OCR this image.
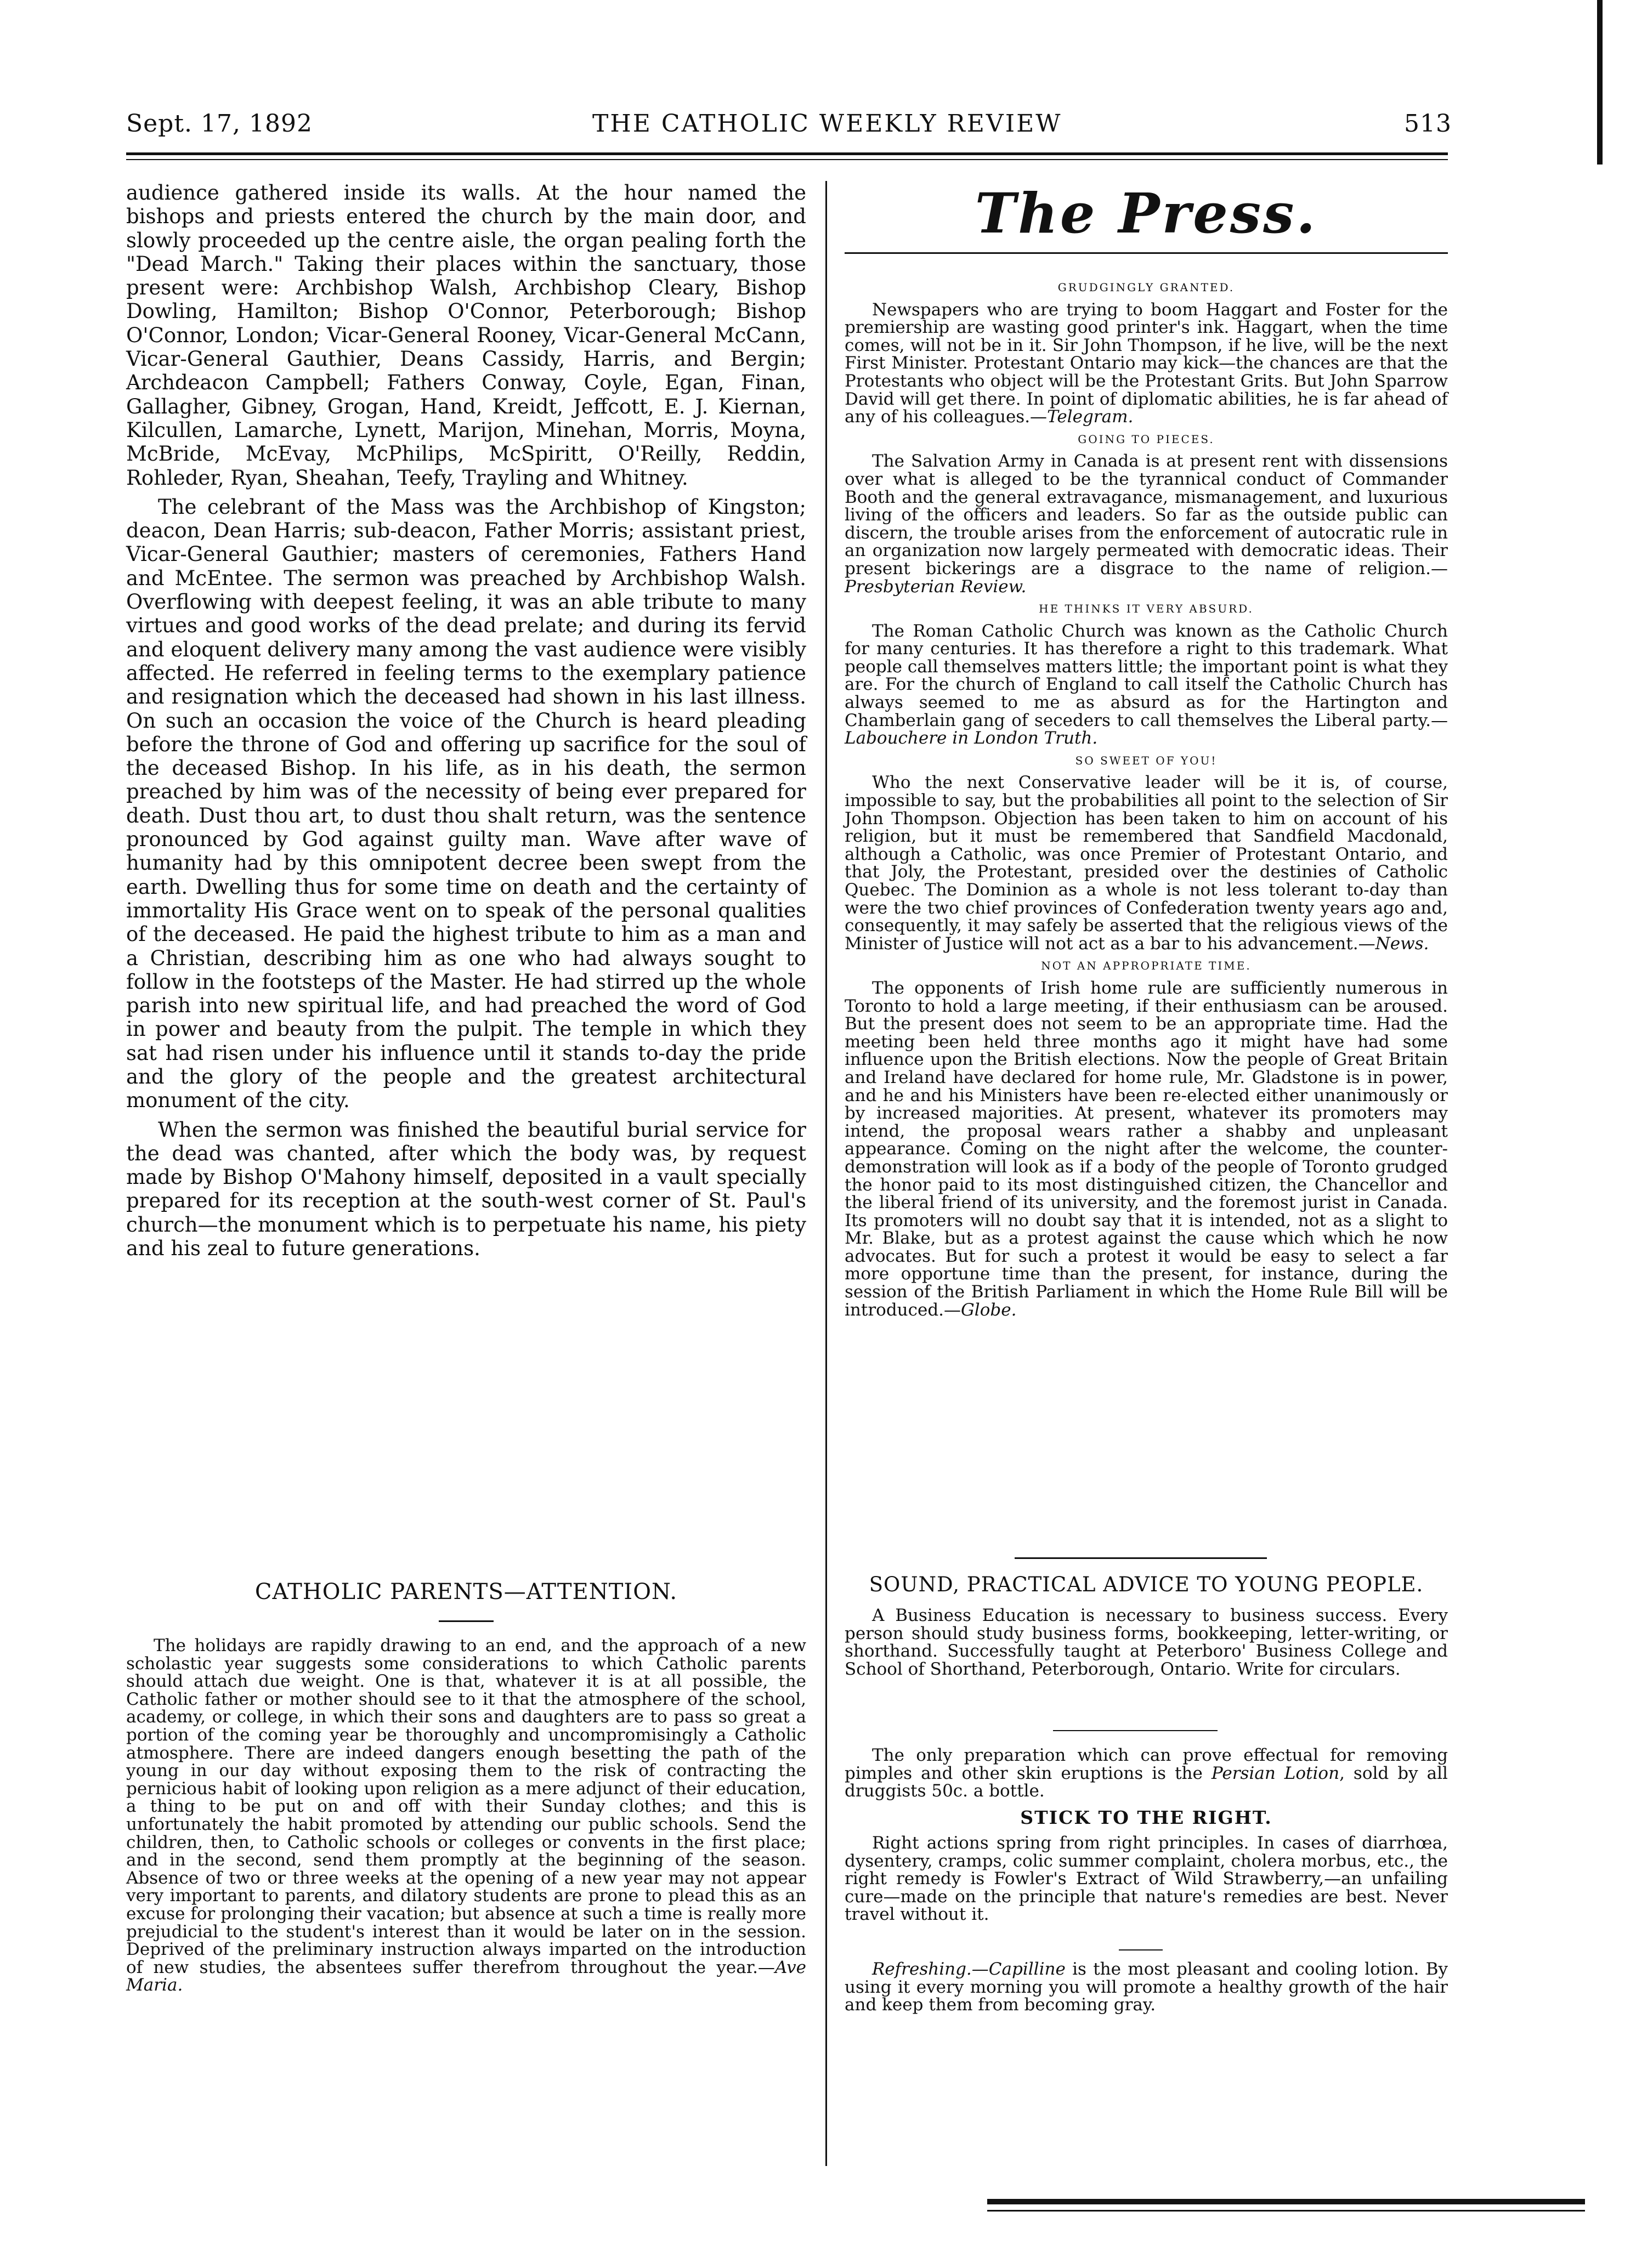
Sept. 17, 1892	THE CATHOLIC WEEKLY REVIEW	513

audience gathered inside its walls. At the hour named the bishops and priests entered the church by the main door, and slowly proceeded up the centre aisle, the organ pealing forth the "Dead March." Taking their places within the sanctuary, those present were: Archbishop Walsh, Archbishop Cleary, Bishop Dowling, Hamilton; Bishop O'Connor, Peterborough; Bishop O'Connor, London; Vicar-General Rooney, Vicar-General McCann, Vicar-General Gauthier, Deans Cassidy, Harris, and Bergin; Archdeacon Campbell; Fathers Conway, Coyle, Egan, Finan, Gallagher, Gibney, Grogan, Hand, Kreidt, Jeffcott, E. J. Kiernan, Kilcullen, Lamarche, Lynett, Marijon, Minehan, Morris, Moyna, McBride, McEvay, McPhilips, McSpiritt, O'Reilly, Reddin, Rohleder, Ryan, Sheahan, Teefy, Trayling and Whitney.

The celebrant of the Mass was the Archbishop of Kingston; deacon, Dean Harris; sub-deacon, Father Morris; assistant priest, Vicar-General Gauthier; masters of ceremonies, Fathers Hand and McEntee. The sermon was preached by Archbishop Walsh. Overflowing with deepest feeling, it was an able tribute to many virtues and good works of the dead prelate; and during its fervid and eloquent delivery many among the vast audience were visibly affected. He referred in feeling terms to the exemplary patience and resignation which the deceased had shown in his last illness. On such an occasion the voice of the Church is heard pleading before the throne of God and offering up sacrifice for the soul of the deceased Bishop. In his life, as in his death, the sermon preached by him was of the necessity of being ever prepared for death. Dust thou art, to dust thou shalt return, was the sentence pronounced by God against guilty man. Wave after wave of humanity had by this omnipotent decree been swept from the earth. Dwelling thus for some time on death and the certainty of immortality His Grace went on to speak of the personal qualities of the deceased. He paid the highest tribute to him as a man and a Christian, describing him as one who had always sought to follow in the footsteps of the Master. He had stirred up the whole parish into new spiritual life, and had preached the word of God in power and beauty from the pulpit. The temple in which they sat had risen under his influence until it stands to-day the pride and the glory of the people and the greatest architectural monument of the city.

When the sermon was finished the beautiful burial service for the dead was chanted, after which the body was, by request made by Bishop O'Mahony himself, deposited in a vault specially prepared for its reception at the south-west corner of St. Paul's church—the monument which is to perpetuate his name, his piety and his zeal to future generations.

CATHOLIC PARENTS—ATTENTION.

The holidays are rapidly drawing to an end, and the approach of a new scholastic year suggests some considerations to which Catholic parents should attach due weight. One is that, whatever it is at all possible, the Catholic father or mother should see to it that the atmosphere of the school, academy, or college, in which their sons and daughters are to pass so great a portion of the coming year be thoroughly and uncompromisingly a Catholic atmosphere. There are indeed dangers enough besetting the path of the young in our day without exposing them to the risk of contracting the pernicious habit of looking upon religion as a mere adjunct of their education, a thing to be put on and off with their Sunday clothes; and this is unfortunately the habit promoted by attending our public schools. Send the children, then, to Catholic schools or colleges or convents in the first place; and in the second, send them promptly at the beginning of the season. Absence of two or three weeks at the opening of a new year may not appear very important to parents, and dilatory students are prone to plead this as an excuse for prolonging their vacation; but absence at such a time is really more prejudicial to the student's interest than it would be later on in the session. Deprived of the preliminary instruction always imparted on the introduction of new studies, the absentees suffer therefrom throughout the year.—Ave Maria.

The Press.
GRUDGINGLY GRANTED.

Newspapers who are trying to boom Haggart and Foster for the premiership are wasting good printer's ink. Haggart, when the time comes, will not be in it. Sir John Thompson, if he live, will be the next First Minister. Protestant Ontario may kick—the chances are that the Protestants who object will be the Protestant Grits. But John Sparrow David will get there. In point of diplomatic abilities, he is far ahead of any of his colleagues.—Telegram.

GOING TO PIECES.

The Salvation Army in Canada is at present rent with dissensions over what is alleged to be the tyrannical conduct of Commander Booth and the general extravagance, mismanagement, and luxurious living of the officers and leaders. So far as the outside public can discern, the trouble arises from the enforcement of autocratic rule in an organization now largely permeated with democratic ideas. Their present bickerings are a disgrace to the name of religion.—Presbyterian Review.

HE THINKS IT VERY ABSURD.

The Roman Catholic Church was known as the Catholic Church for many centuries. It has therefore a right to this trademark. What people call themselves matters little; the important point is what they are. For the church of England to call itself the Catholic Church has always seemed to me as absurd as for the Hartington and Chamberlain gang of seceders to call themselves the Liberal party.—Labouchere in London Truth.

SO SWEET OF YOU!

Who the next Conservative leader will be it is, of course, impossible to say, but the probabilities all point to the selection of Sir John Thompson. Objection has been taken to him on account of his religion, but it must be remembered that Sandfield Macdonald, although a Catholic, was once Premier of Protestant Ontario, and that Joly, the Protestant, presided over the destinies of Catholic Quebec. The Dominion as a whole is not less tolerant to-day than were the two chief provinces of Confederation twenty years ago and, consequently, it may safely be asserted that the religious views of the Minister of Justice will not act as a bar to his advancement.—News.

NOT AN APPROPRIATE TIME.

The opponents of Irish home rule are sufficiently numerous in Toronto to hold a large meeting, if their enthusiasm can be aroused. But the present does not seem to be an appropriate time. Had the meeting been held three months ago it might have had some influence upon the British elections. Now the people of Great Britain and Ireland have declared for home rule, Mr. Gladstone is in power, and he and his Ministers have been re-elected either unanimously or by increased majorities. At present, whatever its promoters may intend, the proposal wears rather a shabby and unpleasant appearance. Coming on the night after the welcome, the counter-demonstration will look as if a body of the people of Toronto grudged the honor paid to its most distinguished citizen, the Chancellor and the liberal friend of its university, and the foremost jurist in Canada. Its promoters will no doubt say that it is intended, not as a slight to Mr. Blake, but as a protest against the cause which which he now advocates. But for such a protest it would be easy to select a far more opportune time than the present, for instance, during the session of the British Parliament in which the Home Rule Bill will be introduced.—Globe.

SOUND, PRACTICAL ADVICE TO YOUNG PEOPLE.

A Business Education is necessary to business success. Every person should study business forms, bookkeeping, letter-writing, or shorthand. Successfully taught at Peterboro' Business College and School of Shorthand, Peterborough, Ontario. Write for circulars.

The only preparation which can prove effectual for removing pimples and other skin eruptions is the Persian Lotion, sold by all druggists 50c. a bottle.

STICK TO THE RIGHT.

Right actions spring from right principles. In cases of diarrhœa, dysentery, cramps, colic summer complaint, cholera morbus, etc., the right remedy is Fowler's Extract of Wild Strawberry,—an unfailing cure—made on the principle that nature's remedies are best. Never travel without it.

Refreshing.—Capilline is the most pleasant and cooling lotion. By using it every morning you will promote a healthy growth of the hair and keep them from becoming gray.
